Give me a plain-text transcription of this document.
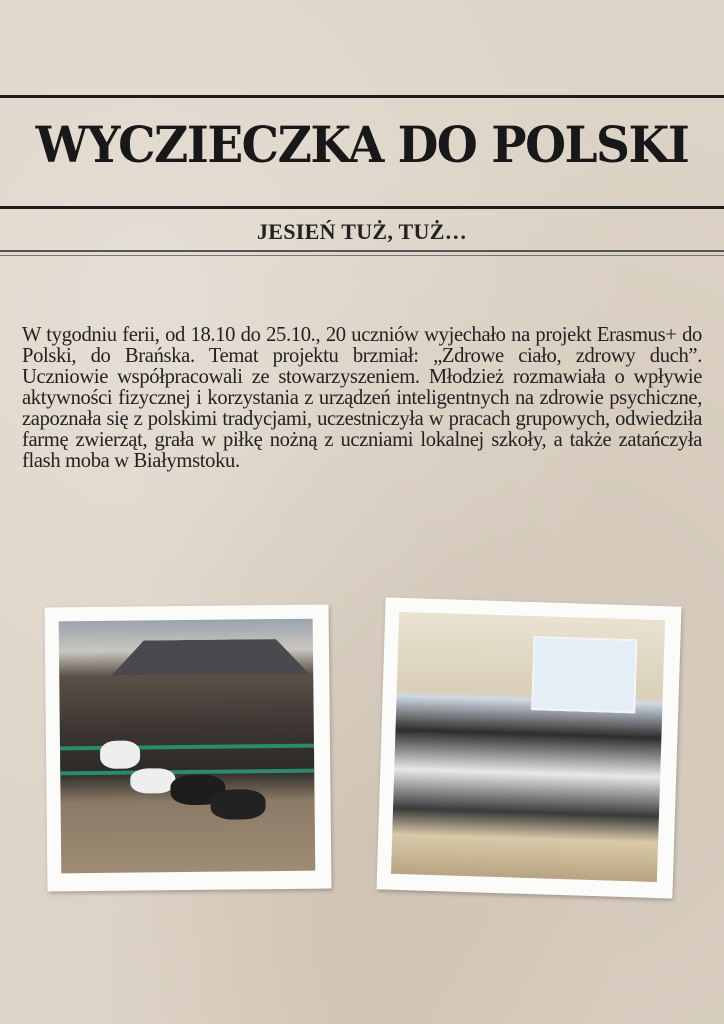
WYCZIECZKA DO POLSKI
JESIEŃ TUŻ, TUŻ…

W tygodniu ferii, od 18.10 do 25.10., 20 uczniów wyjechało na projekt Erasmus+ do Polski, do Brańska. Temat projektu brzmiał: „Zdrowe ciało, zdrowy duch”. Uczniowie współpracowali ze stowarzyszeniem. Młodzież rozmawiała o wpływie aktywności fizycznej i korzystania z urządzeń inteligentnych na zdrowie psychiczne, zapoznała się z polskimi tradycjami, uczestniczyła w pracach grupowych, odwiedziła farmę zwierząt, grała w piłkę nożną z uczniami lokalnej szkoły, a także zatańczyła flash moba w Białymstoku.
